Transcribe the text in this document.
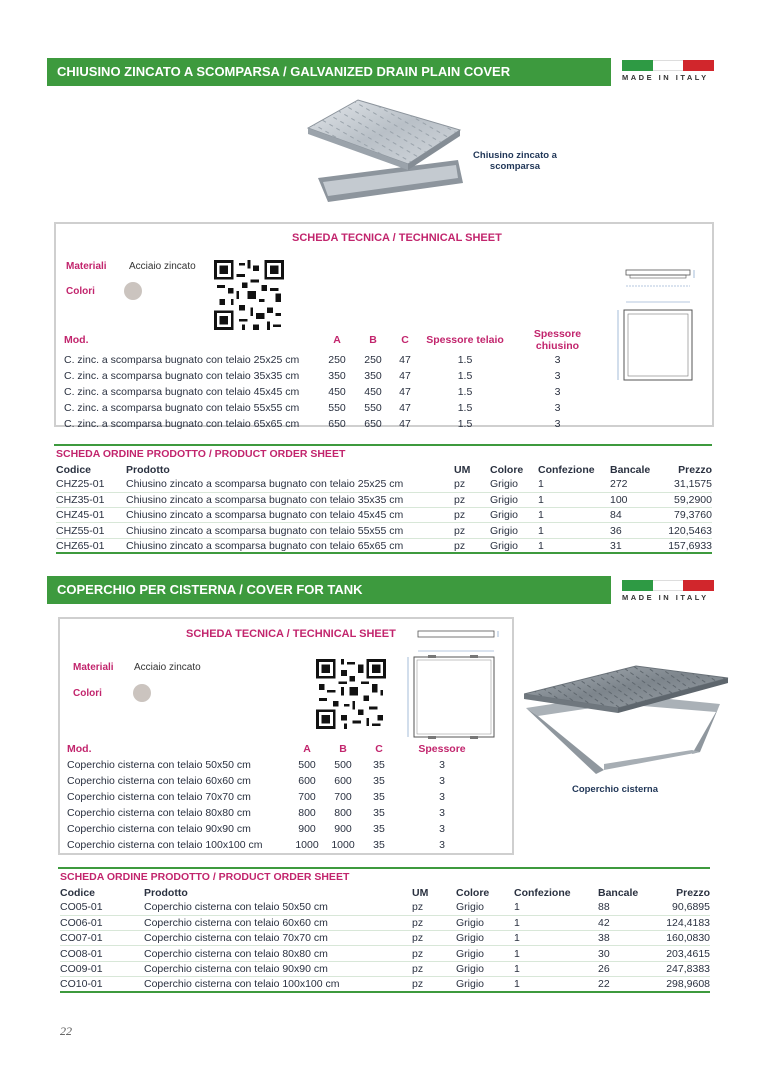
CHIUSINO ZINCATO A SCOMPARSA / GALVANIZED DRAIN PLAIN COVER	MADE IN ITALY
Chiusino zincato a scomparsa
SCHEDA TECNICA / TECHNICAL SHEET
Materiali Acciaio zincato
Colori
Mod.	A	B	C	Spessore telaio	Spessore chiusino
C. zinc. a scomparsa bugnato con telaio 25x25 cm	250	250	47	1.5	3
C. zinc. a scomparsa bugnato con telaio 35x35 cm	350	350	47	1.5	3
C. zinc. a scomparsa bugnato con telaio 45x45 cm	450	450	47	1.5	3
C. zinc. a scomparsa bugnato con telaio 55x55 cm	550	550	47	1.5	3
C. zinc. a scomparsa bugnato con telaio 65x65 cm	650	650	47	1.5	3
SCHEDA ORDINE PRODOTTO / PRODUCT ORDER SHEET
Codice	Prodotto	UM	Colore	Confezione	Bancale	Prezzo
CHZ25-01	Chiusino zincato a scomparsa bugnato con telaio 25x25 cm	pz	Grigio	1	272	31,1575
CHZ35-01	Chiusino zincato a scomparsa bugnato con telaio 35x35 cm	pz	Grigio	1	100	59,2900
CHZ45-01	Chiusino zincato a scomparsa bugnato con telaio 45x45 cm	pz	Grigio	1	84	79,3760
CHZ55-01	Chiusino zincato a scomparsa bugnato con telaio 55x55 cm	pz	Grigio	1	36	120,5463
CHZ65-01	Chiusino zincato a scomparsa bugnato con telaio 65x65 cm	pz	Grigio	1	31	157,6933
COPERCHIO PER CISTERNA / COVER FOR TANK
MADE IN ITALY
SCHEDA TECNICA / TECHNICAL SHEET
Materiali Acciaio zincato
Colori
Mod.	A	B	C	Spessore
Coperchio cisterna con telaio 50x50 cm	500	500	35	3
Coperchio cisterna con telaio 60x60 cm	600	600	35	3
Coperchio cisterna con telaio 70x70 cm	700	700	35	3
Coperchio cisterna con telaio 80x80 cm	800	800	35	3
Coperchio cisterna con telaio 90x90 cm	900	900	35	3
Coperchio cisterna con telaio 100x100 cm	1000	1000	35	3
Coperchio cisterna
SCHEDA ORDINE PRODOTTO / PRODUCT ORDER SHEET
Codice	Prodotto	UM	Colore	Confezione	Bancale	Prezzo
CO05-01	Coperchio cisterna con telaio 50x50 cm	pz	Grigio	1	88	90,6895
CO06-01	Coperchio cisterna con telaio 60x60 cm	pz	Grigio	1	42	124,4183
CO07-01	Coperchio cisterna con telaio 70x70 cm	pz	Grigio	1	38	160,0830
CO08-01	Coperchio cisterna con telaio 80x80 cm	pz	Grigio	1	30	203,4615
CO09-01	Coperchio cisterna con telaio 90x90 cm	pz	Grigio	1	26	247,8383
CO10-01	Coperchio cisterna con telaio 100x100 cm	pz	Grigio	1	22	298,9608
22
